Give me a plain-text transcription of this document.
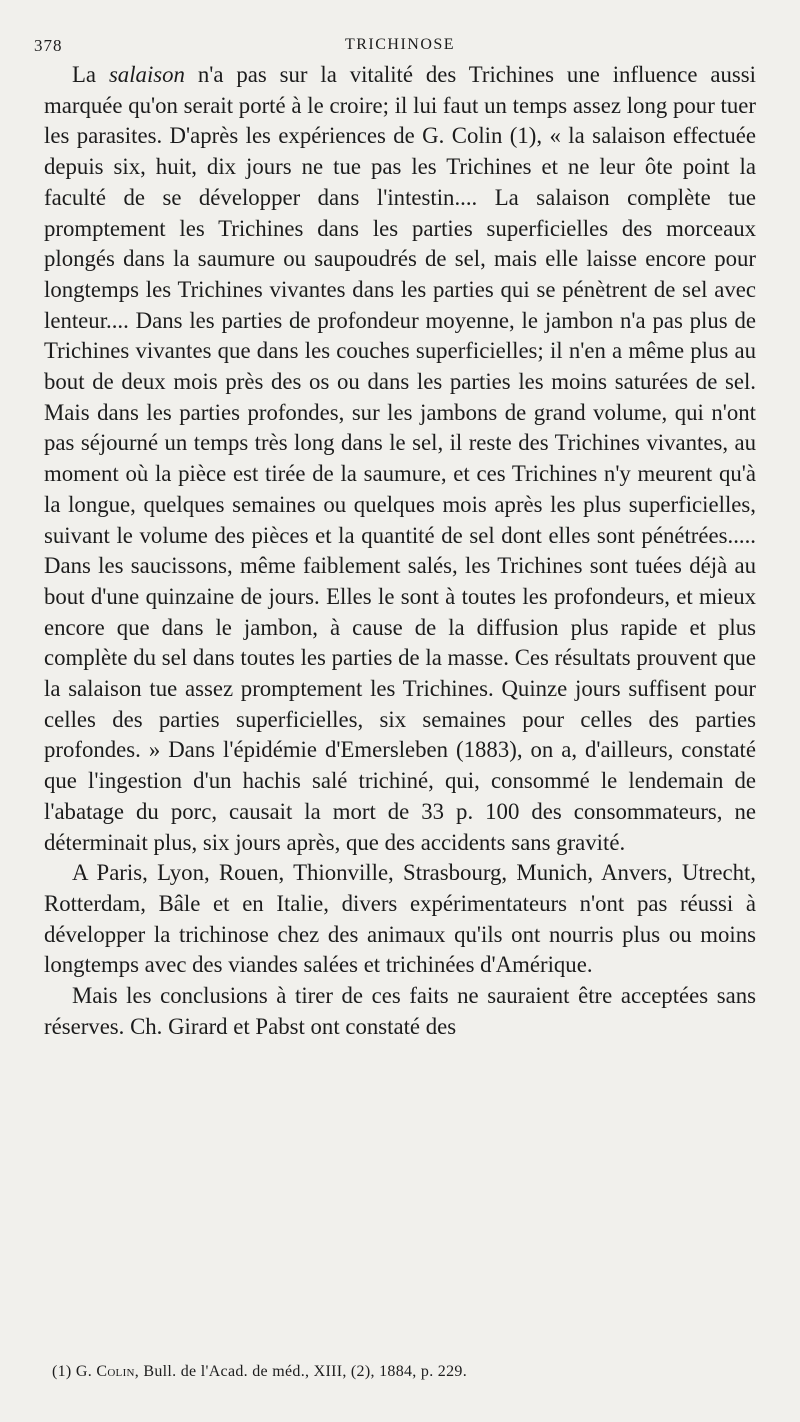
378	TRICHINOSE

La salaison n'a pas sur la vitalité des Trichines une influence aussi marquée qu'on serait porté à le croire; il lui faut un temps assez long pour tuer les parasites. D'après les expériences de G. Colin (1), « la salaison effectuée depuis six, huit, dix jours ne tue pas les Trichines et ne leur ôte point la faculté de se développer dans l'intestin.... La salaison complète tue promptement les Trichines dans les parties superficielles des morceaux plongés dans la saumure ou saupoudrés de sel, mais elle laisse encore pour longtemps les Trichines vivantes dans les parties qui se pénètrent de sel avec lenteur.... Dans les parties de profondeur moyenne, le jambon n'a pas plus de Trichines vivantes que dans les couches superficielles; il n'en a même plus au bout de deux mois près des os ou dans les parties les moins saturées de sel. Mais dans les parties profondes, sur les jambons de grand volume, qui n'ont pas séjourné un temps très long dans le sel, il reste des Trichines vivantes, au moment où la pièce est tirée de la saumure, et ces Trichines n'y meurent qu'à la longue, quelques semaines ou quelques mois après les plus superficielles, suivant le volume des pièces et la quantité de sel dont elles sont pénétrées..... Dans les saucissons, même faiblement salés, les Trichines sont tuées déjà au bout d'une quinzaine de jours. Elles le sont à toutes les profondeurs, et mieux encore que dans le jambon, à cause de la diffusion plus rapide et plus complète du sel dans toutes les parties de la masse. Ces résultats prouvent que la salaison tue assez promptement les Trichines. Quinze jours suffisent pour celles des parties superficielles, six semaines pour celles des parties profondes. » Dans l'épidémie d'Emersleben (1883), on a, d'ailleurs, constaté que l'ingestion d'un hachis salé trichiné, qui, consommé le lendemain de l'abatage du porc, causait la mort de 33 p. 100 des consommateurs, ne déterminait plus, six jours après, que des accidents sans gravité.

A Paris, Lyon, Rouen, Thionville, Strasbourg, Munich, Anvers, Utrecht, Rotterdam, Bâle et en Italie, divers expérimentateurs n'ont pas réussi à développer la trichinose chez des animaux qu'ils ont nourris plus ou moins longtemps avec des viandes salées et trichinées d'Amérique.

Mais les conclusions à tirer de ces faits ne sauraient être acceptées sans réserves. Ch. Girard et Pabst ont constaté des

(1) G. Colin, Bull. de l'Acad. de méd., XIII, (2), 1884, p. 229.
